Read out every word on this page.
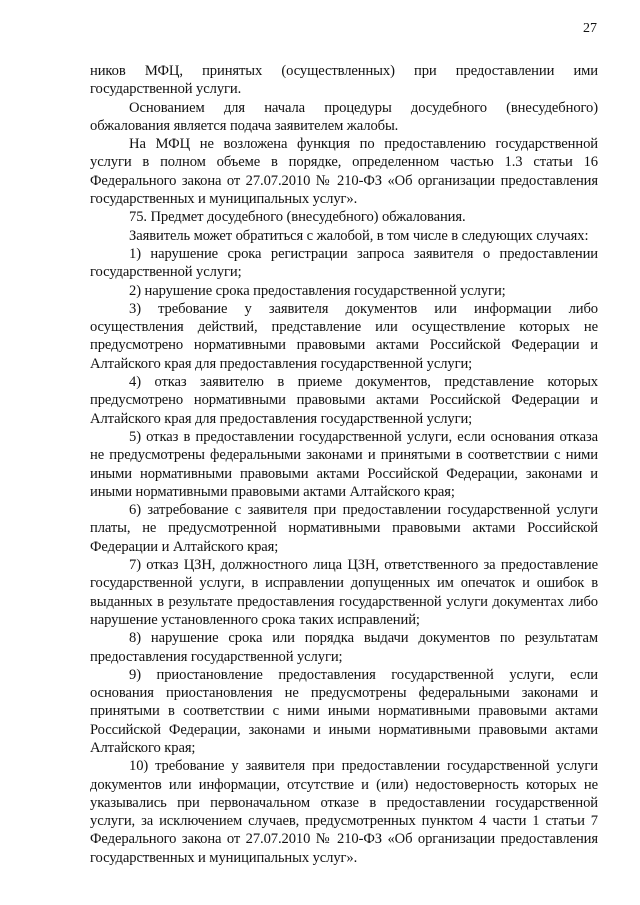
27

ников МФЦ, принятых (осуществленных) при предоставлении ими государственной услуги.

Основанием для начала процедуры досудебного (внесудебного) обжалования является подача заявителем жалобы.

На МФЦ не возложена функция по предоставлению государственной услуги в полном объеме в порядке, определенном частью 1.3 статьи 16 Федерального закона от 27.07.2010 № 210-ФЗ «Об организации предоставления государственных и муниципальных услуг».

75. Предмет досудебного (внесудебного) обжалования.

Заявитель может обратиться с жалобой, в том числе в следующих случаях:

1) нарушение срока регистрации запроса заявителя о предоставлении государственной услуги;

2) нарушение срока предоставления государственной услуги;

3) требование у заявителя документов или информации либо осуществления действий, представление или осуществление которых не предусмотрено нормативными правовыми актами Российской Федерации и Алтайского края для предоставления государственной услуги;

4) отказ заявителю в приеме документов, представление которых предусмотрено нормативными правовыми актами Российской Федерации и Алтайского края для предоставления государственной услуги;

5) отказ в предоставлении государственной услуги, если основания отказа не предусмотрены федеральными законами и принятыми в соответствии с ними иными нормативными правовыми актами Российской Федерации, законами и иными нормативными правовыми актами Алтайского края;

6) затребование с заявителя при предоставлении государственной услуги платы, не предусмотренной нормативными правовыми актами Российской Федерации и Алтайского края;

7) отказ ЦЗН, должностного лица ЦЗН, ответственного за предоставление государственной услуги, в исправлении допущенных им опечаток и ошибок в выданных в результате предоставления государственной услуги документах либо нарушение установленного срока таких исправлений;

8) нарушение срока или порядка выдачи документов по результатам предоставления государственной услуги;

9) приостановление предоставления государственной услуги, если основания приостановления не предусмотрены федеральными законами и принятыми в соответствии с ними иными нормативными правовыми актами Российской Федерации, законами и иными нормативными правовыми актами Алтайского края;

10) требование у заявителя при предоставлении государственной услуги документов или информации, отсутствие и (или) недостоверность которых не указывались при первоначальном отказе в предоставлении государственной услуги, за исключением случаев, предусмотренных пунктом 4 части 1 статьи 7 Федерального закона от 27.07.2010 № 210-ФЗ «Об организации предоставления государственных и муниципальных услуг».
